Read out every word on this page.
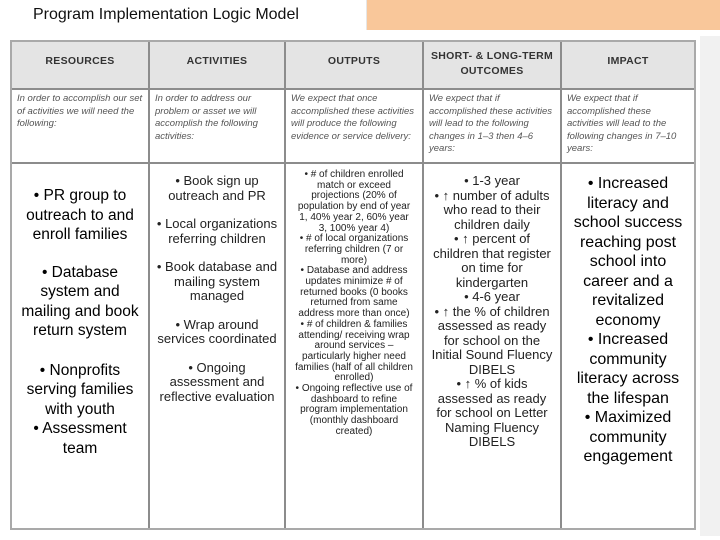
Program Implementation Logic Model
RESOURCES
In order to accomplish our set of activities we will need the following:
• PR group to outreach to and enroll families
• Database system and mailing and book return system
• Nonprofits serving families with youth
• Assessment team
ACTIVITIES
In order to address our problem or asset we will accomplish the following activities:
• Book sign up outreach and PR
• Local organizations referring children
• Book database and mailing system managed
• Wrap around services coordinated
• Ongoing assessment and reflective evaluation
OUTPUTS
We expect that once accomplished these activities will produce the following evidence or service delivery:
• # of children enrolled match or exceed projections (20% of population by end of year 1, 40% year 2, 60% year 3, 100% year 4)
• # of local organizations referring children (7 or more)
• Database and address updates minimize # of returned books (0 books returned from same address more than once)
• # of children & families attending/ receiving wrap around services – particularly higher need families (half of all children enrolled)
• Ongoing reflective use of dashboard to refine program implementation (monthly dashboard created)
SHORT- & LONG-TERM OUTCOMES
We expect that if accomplished these activities will lead to the following changes in 1–3 then 4–6 years:
• 1-3 year
• ↑ number of adults who read to their children daily
• ↑ percent of children that register on time for kindergarten
• 4-6 year
• ↑ the % of children assessed as ready for school on the Initial Sound Fluency DIBELS
• ↑ % of kids assessed as ready for school on Letter Naming Fluency DIBELS
IMPACT
We expect that if accomplished these activities will lead to the following changes in 7–10 years:
• Increased literacy and school success reaching post school into career and a revitalized economy
• Increased community literacy across the lifespan
• Maximized community engagement
